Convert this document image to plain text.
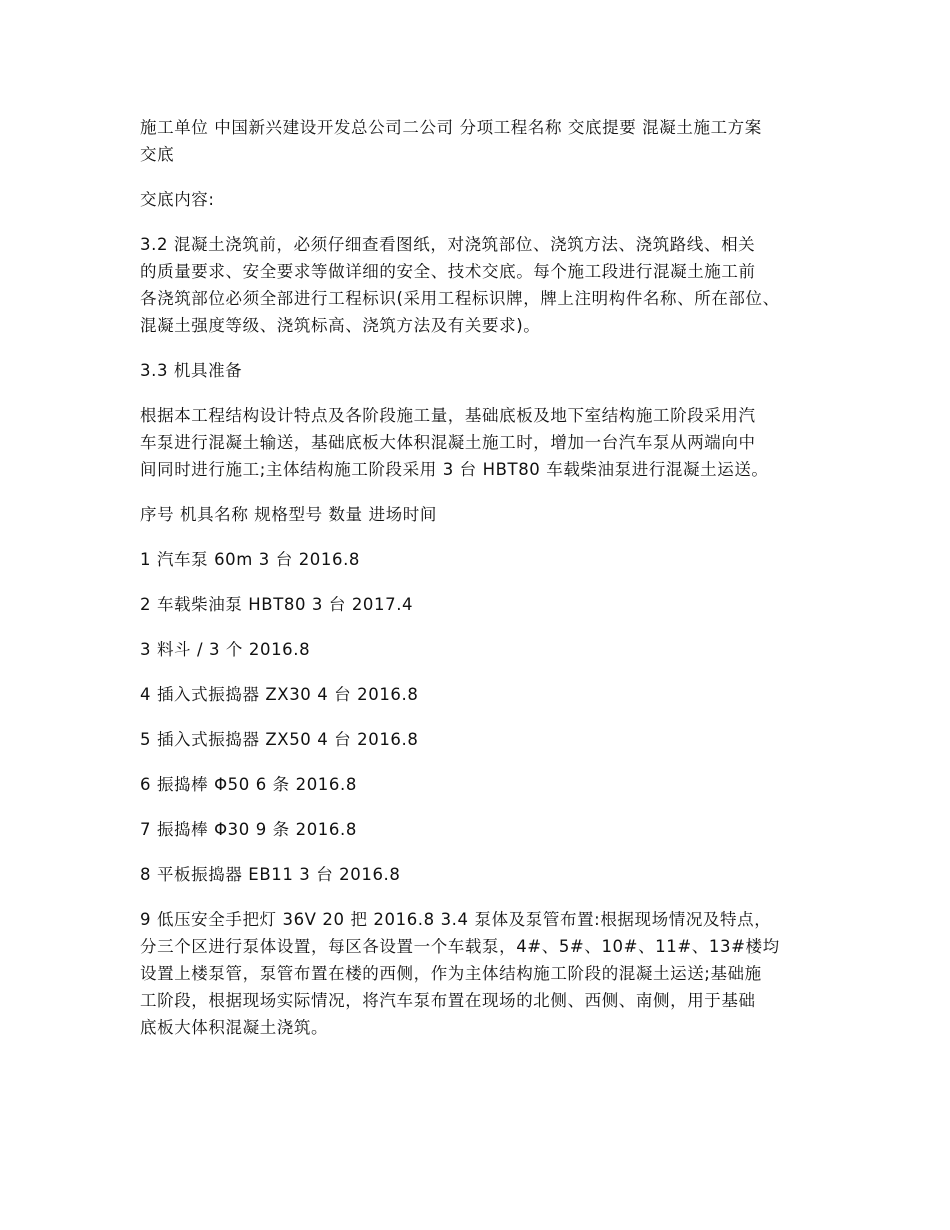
施工单位 中国新兴建设开发总公司二公司 分项工程名称 交底提要 混凝土施工方案
交底

交底内容:

3.2 混凝土浇筑前，必须仔细查看图纸，对浇筑部位、浇筑方法、浇筑路线、相关
的质量要求、安全要求等做详细的安全、技术交底。每个施工段进行混凝土施工前
各浇筑部位必须全部进行工程标识(采用工程标识牌，牌上注明构件名称、所在部位、
混凝土强度等级、浇筑标高、浇筑方法及有关要求)。

3.3 机具准备

根据本工程结构设计特点及各阶段施工量，基础底板及地下室结构施工阶段采用汽
车泵进行混凝土输送，基础底板大体积混凝土施工时，增加一台汽车泵从两端向中
间同时进行施工;主体结构施工阶段采用 3 台 HBT80 车载柴油泵进行混凝土运送。

序号 机具名称 规格型号 数量 进场时间

1 汽车泵 60m 3 台 2016.8

2 车载柴油泵 HBT80 3 台 2017.4

3 料斗 / 3 个 2016.8

4 插入式振捣器 ZX30 4 台 2016.8

5 插入式振捣器 ZX50 4 台 2016.8

6 振捣棒 Φ50 6 条 2016.8

7 振捣棒 Φ30 9 条 2016.8

8 平板振捣器 EB11 3 台 2016.8

9 低压安全手把灯 36V 20 把 2016.8 3.4 泵体及泵管布置:根据现场情况及特点，
分三个区进行泵体设置，每区各设置一个车载泵，4#、5#、10#、11#、13#楼均
设置上楼泵管，泵管布置在楼的西侧，作为主体结构施工阶段的混凝土运送;基础施
工阶段，根据现场实际情况，将汽车泵布置在现场的北侧、西侧、南侧，用于基础
底板大体积混凝土浇筑。
